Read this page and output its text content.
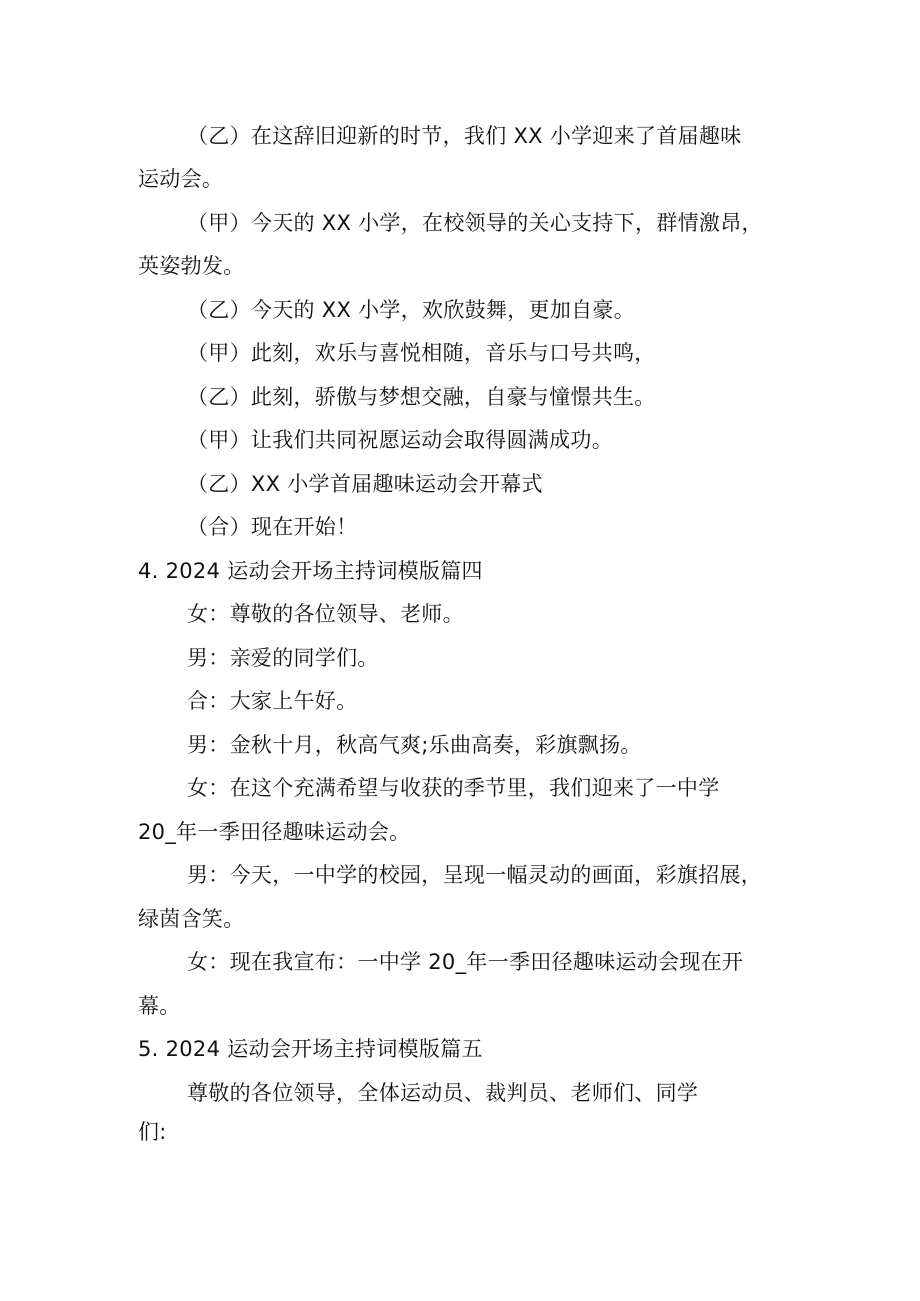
（乙）在这辞旧迎新的时节，我们 XX 小学迎来了首届趣味
运动会。
（甲）今天的 XX 小学，在校领导的关心支持下，群情激昂，
英姿勃发。
（乙）今天的 XX 小学，欢欣鼓舞，更加自豪。
（甲）此刻，欢乐与喜悦相随，音乐与口号共鸣，
（乙）此刻，骄傲与梦想交融，自豪与憧憬共生。
（甲）让我们共同祝愿运动会取得圆满成功。
（乙）XX 小学首届趣味运动会开幕式
（合）现在开始！
4. 2024 运动会开场主持词模版篇四
女：尊敬的各位领导、老师。
男：亲爱的同学们。
合：大家上午好。
男：金秋十月，秋高气爽;乐曲高奏，彩旗飘扬。
女：在这个充满希望与收获的季节里，我们迎来了一中学
20_年一季田径趣味运动会。
男：今天，一中学的校园，呈现一幅灵动的画面，彩旗招展，
绿茵含笑。
女：现在我宣布：一中学 20_年一季田径趣味运动会现在开
幕。
5. 2024 运动会开场主持词模版篇五
尊敬的各位领导，全体运动员、裁判员、老师们、同学
们:
